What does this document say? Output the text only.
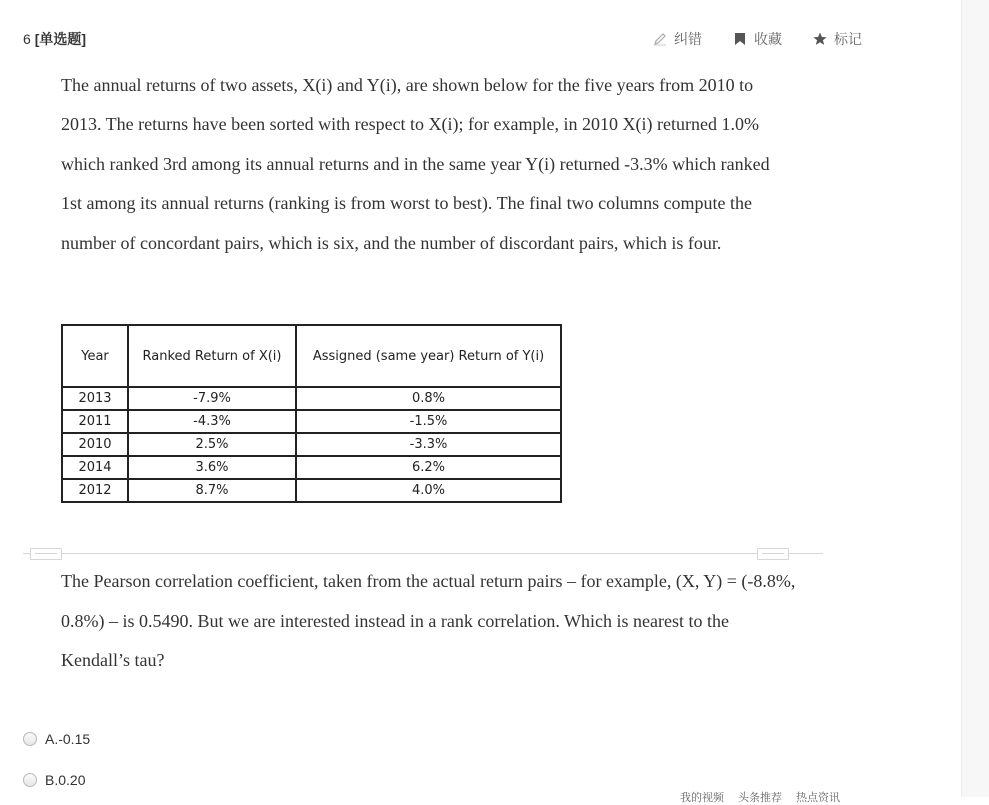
6 [单选题]	纠错	收藏	标记
The annual returns of two assets, X(i) and Y(i), are shown below for the five years from 2010 to 2013. The returns have been sorted with respect to X(i); for example, in 2010 X(i) returned 1.0% which ranked 3rd among its annual returns and in the same year Y(i) returned -3.3% which ranked 1st among its annual returns (ranking is from worst to best). The final two columns compute the number of concordant pairs, which is six, and the number of discordant pairs, which is four.
Year	Ranked Return of X(i)	Assigned (same year) Return of Y(i)
2013	-7.9%	0.8%
2011	-4.3%	-1.5%
2010	2.5%	-3.3%
2014	3.6%	6.2%
2012	8.7%	4.0%
The Pearson correlation coefficient, taken from the actual return pairs – for example, (X, Y) = (-8.8%, 0.8%) – is 0.5490. But we are interested instead in a rank correlation. Which is nearest to the Kendall’s tau?
A.-0.15
B.0.20
我的视频 头条推荐 热点资讯
